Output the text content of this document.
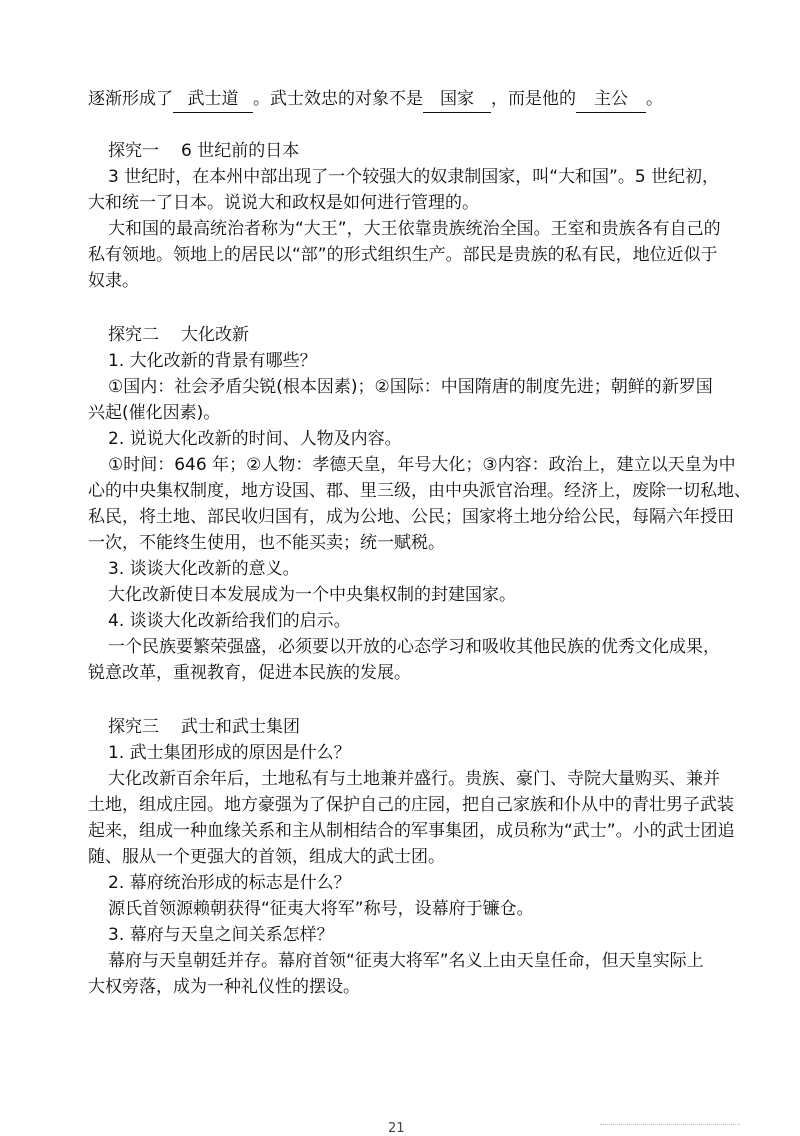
逐渐形成了 武士道 。武士效忠的对象不是 国家 ，而是他的 主公 。
探究一 6 世纪前的日本
3 世纪时，在本州中部出现了一个较强大的奴隶制国家，叫“大和国”。5 世纪初，
大和统一了日本。说说大和政权是如何进行管理的。
大和国的最高统治者称为“大王”，大王依靠贵族统治全国。王室和贵族各有自己的
私有领地。领地上的居民以“部”的形式组织生产。部民是贵族的私有民，地位近似于
奴隶。
探究二 大化改新
1. 大化改新的背景有哪些？
①国内：社会矛盾尖锐(根本因素)；②国际：中国隋唐的制度先进；朝鲜的新罗国
兴起(催化因素)。
2. 说说大化改新的时间、人物及内容。
①时间：646 年；②人物：孝德天皇，年号大化；③内容：政治上，建立以天皇为中
心的中央集权制度，地方设国、郡、里三级，由中央派官治理。经济上，废除一切私地、
私民，将土地、部民收归国有，成为公地、公民；国家将土地分给公民，每隔六年授田
一次，不能终生使用，也不能买卖；统一赋税。
3. 谈谈大化改新的意义。
大化改新使日本发展成为一个中央集权制的封建国家。
4. 谈谈大化改新给我们的启示。
一个民族要繁荣强盛，必须要以开放的心态学习和吸收其他民族的优秀文化成果，
锐意改革，重视教育，促进本民族的发展。
探究三 武士和武士集团
1. 武士集团形成的原因是什么？
大化改新百余年后，土地私有与土地兼并盛行。贵族、豪门、寺院大量购买、兼并
土地，组成庄园。地方豪强为了保护自己的庄园，把自己家族和仆从中的青壮男子武装
起来，组成一种血缘关系和主从制相结合的军事集团，成员称为“武士”。小的武士团追
随、服从一个更强大的首领，组成大的武士团。
2. 幕府统治形成的标志是什么？
源氏首领源赖朝获得“征夷大将军”称号，设幕府于镰仓。
3. 幕府与天皇之间关系怎样？
幕府与天皇朝廷并存。幕府首领“征夷大将军”名义上由天皇任命，但天皇实际上
大权旁落，成为一种礼仪性的摆设。
21
